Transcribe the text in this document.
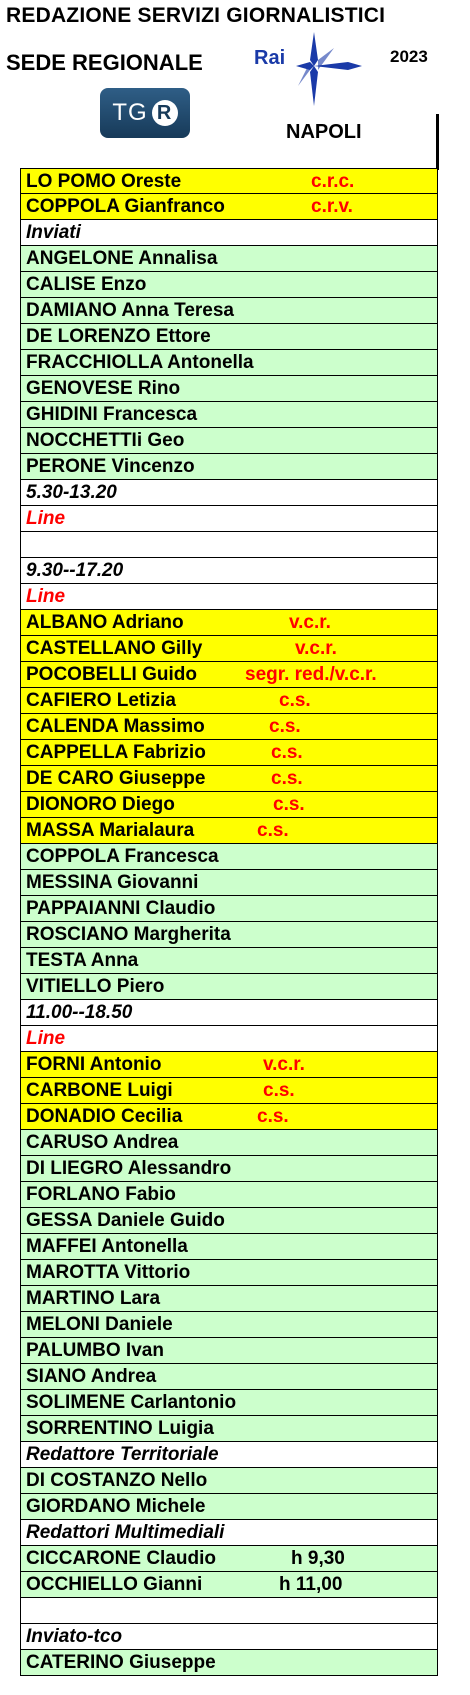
REDAZIONE SERVIZI GIORNALISTICI
SEDE REGIONALE	2023
Rai
TG R
NAPOLI
LO POMO Oreste	c.r.c.
COPPOLA Gianfranco	c.r.v.
Inviati
ANGELONE Annalisa
CALISE Enzo
DAMIANO Anna Teresa
DE LORENZO Ettore
FRACCHIOLLA Antonella
GENOVESE Rino
GHIDINI Francesca
NOCCHETTIi Geo
PERONE Vincenzo
5.30-13.20
Line
9.30--17.20
Line
ALBANO Adriano	v.c.r.
CASTELLANO Gilly	v.c.r.
POCOBELLI Guido	segr. red./v.c.r.
CAFIERO Letizia	c.s.
CALENDA Massimo	c.s.
CAPPELLA Fabrizio	c.s.
DE CARO Giuseppe	c.s.
DIONORO Diego	c.s.
MASSA Marialaura	c.s.
COPPOLA Francesca
MESSINA Giovanni
PAPPAIANNI Claudio
ROSCIANO Margherita
TESTA Anna
VITIELLO Piero
11.00--18.50
Line
FORNI Antonio	v.c.r.
CARBONE Luigi	c.s.
DONADIO Cecilia	c.s.
CARUSO Andrea
DI LIEGRO Alessandro
FORLANO Fabio
GESSA Daniele Guido
MAFFEI Antonella
MAROTTA Vittorio
MARTINO Lara
MELONI Daniele
PALUMBO Ivan
SIANO Andrea
SOLIMENE Carlantonio
SORRENTINO Luigia
Redattore Territoriale
DI COSTANZO Nello
GIORDANO Michele
Redattori Multimediali
CICCARONE Claudio	h 9,30
OCCHIELLO Gianni	h 11,00
Inviato-tco
CATERINO Giuseppe
